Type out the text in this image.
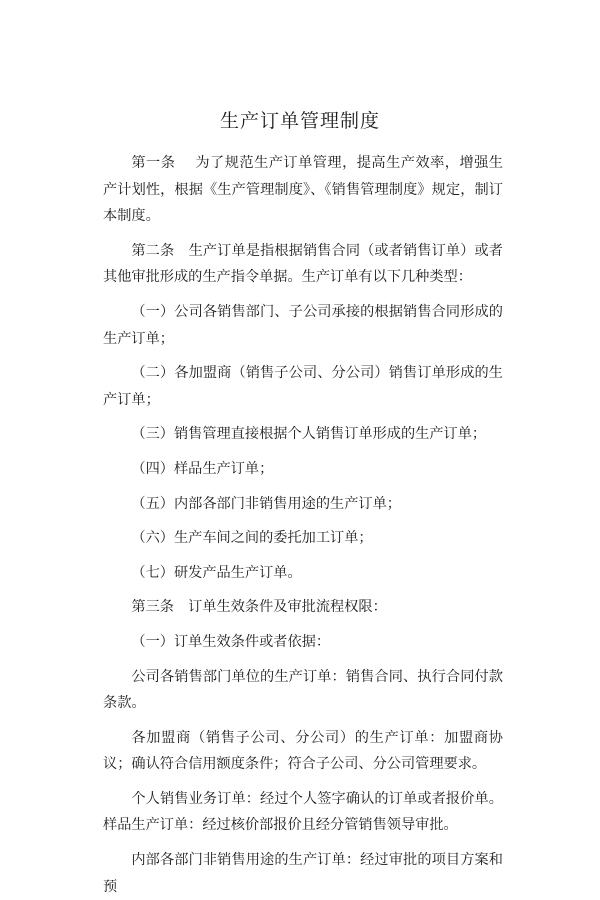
生产订单管理制度

第一条 为了规范生产订单管理，提高生产效率，增强生产计划性，根据《生产管理制度》、《销售管理制度》规定，制订本制度。

第二条　生产订单是指根据销售合同（或者销售订单）或者其他审批形成的生产指令单据。生产订单有以下几种类型：

（一）公司各销售部门、子公司承接的根据销售合同形成的生产订单；

（二）各加盟商（销售子公司、分公司）销售订单形成的生产订单；

（三）销售管理直接根据个人销售订单形成的生产订单；

（四）样品生产订单；

（五）内部各部门非销售用途的生产订单；

（六）生产车间之间的委托加工订单；

（七）研发产品生产订单。

第三条　订单生效条件及审批流程权限：

（一）订单生效条件或者依据：

公司各销售部门单位的生产订单：销售合同、执行合同付款条款。

各加盟商（销售子公司、分公司）的生产订单：加盟商协议；确认符合信用额度条件；符合子公司、分公司管理要求。

个人销售业务订单：经过个人签字确认的订单或者报价单。样品生产订单：经过核价部报价且经分管销售领导审批。

内部各部门非销售用途的生产订单：经过审批的项目方案和预
